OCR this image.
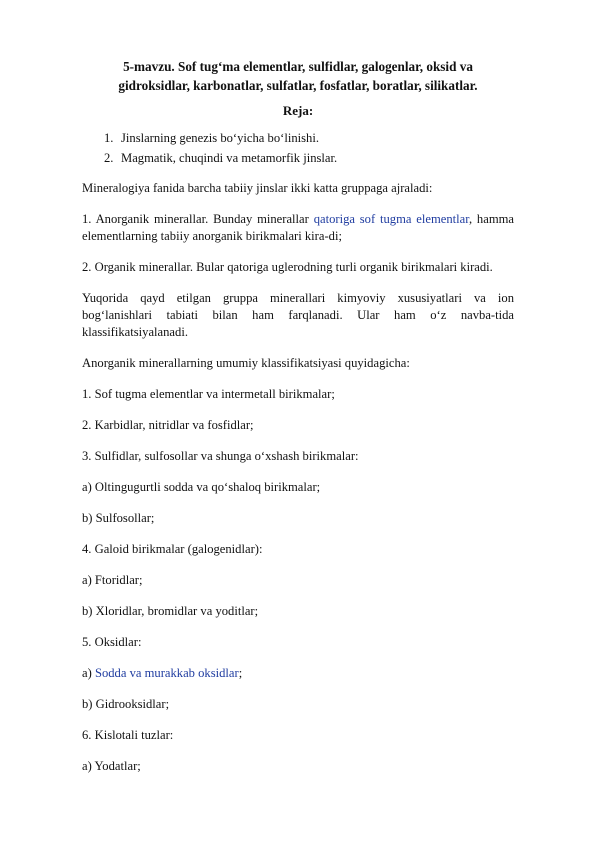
5-mavzu. Sof tug‘ma elementlar, sulfidlar, galogenlar, oksid va
gidroksidlar, karbonatlar, sulfatlar, fosfatlar, boratlar, silikatlar.
Reja:
1. Jinslarning genezis bo‘yicha bo‘linishi.
2. Magmatik, chuqindi va metamorfik jinslar.
Mineralogiya fanida barcha tabiiy jinslar ikki katta gruppaga ajraladi:
1. Anorganik minerallar. Bunday minerallar qatoriga sof tugma elementlar, hamma
elementlarning tabiiy anorganik birikmalari kira-di;
2. Organik minerallar. Bular qatoriga uglerodning turli organik birikmalari kiradi.
Yuqorida qayd etilgan gruppa minerallari kimyoviy xususiyatlari va ion
bog‘lanishlari tabiati bilan ham farqlanadi. Ular ham o‘z navba-tida
klassifikatsiyalanadi.
Anorganik minerallarning umumiy klassifikatsiyasi quyidagicha:
1. Sof tugma elementlar va intermetall birikmalar;
2. Karbidlar, nitridlar va fosfidlar;
3. Sulfidlar, sulfosollar va shunga o‘xshash birikmalar:
a) Oltingugurtli sodda va qo‘shaloq birikmalar;
b) Sulfosollar;
4. Galoid birikmalar (galogenidlar):
a) Ftoridlar;
b) Xloridlar, bromidlar va yoditlar;
5. Oksidlar:
a) Sodda va murakkab oksidlar;
b) Gidrooksidlar;
6. Kislotali tuzlar:
a) Yodatlar;
